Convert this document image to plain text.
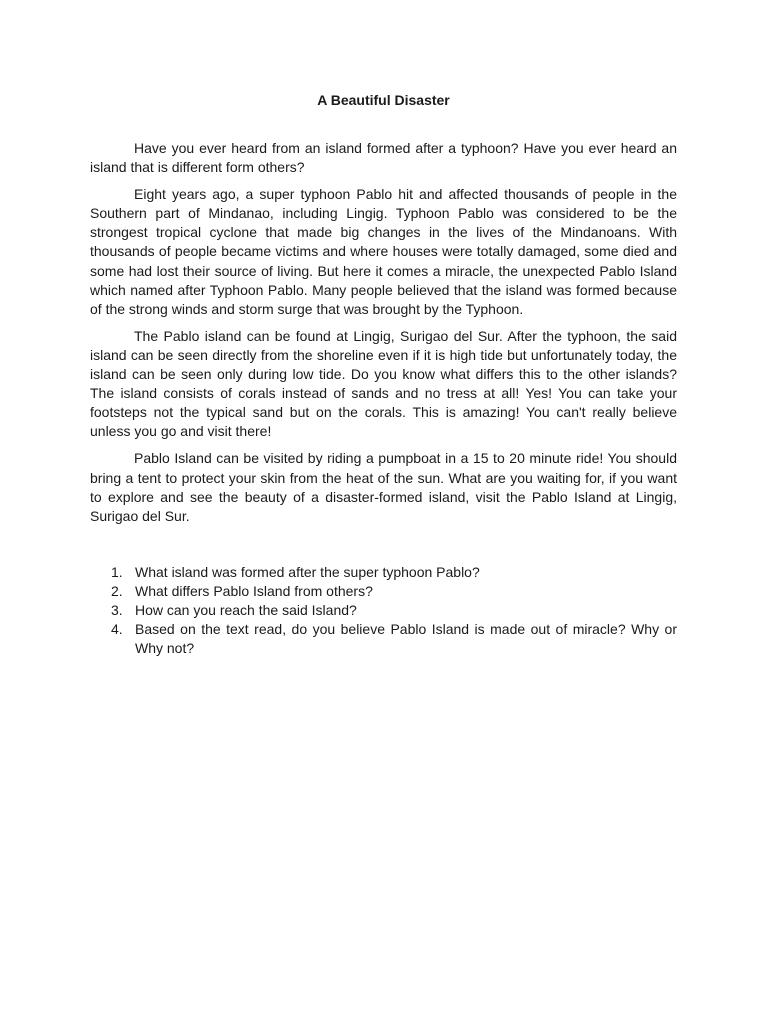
A Beautiful Disaster

Have you ever heard from an island formed after a typhoon? Have you ever heard an island that is different form others?

Eight years ago, a super typhoon Pablo hit and affected thousands of people in the Southern part of Mindanao, including Lingig. Typhoon Pablo was considered to be the strongest tropical cyclone that made big changes in the lives of the Mindanoans. With thousands of people became victims and where houses were totally damaged, some died and some had lost their source of living. But here it comes a miracle, the unexpected Pablo Island which named after Typhoon Pablo. Many people believed that the island was formed because of the strong winds and storm surge that was brought by the Typhoon.

The Pablo island can be found at Lingig, Surigao del Sur. After the typhoon, the said island can be seen directly from the shoreline even if it is high tide but unfortunately today, the island can be seen only during low tide. Do you know what differs this to the other islands? The island consists of corals instead of sands and no tress at all! Yes! You can take your footsteps not the typical sand but on the corals. This is amazing! You can't really believe unless you go and visit there!

Pablo Island can be visited by riding a pumpboat in a 15 to 20 minute ride! You should bring a tent to protect your skin from the heat of the sun. What are you waiting for, if you want to explore and see the beauty of a disaster-formed island, visit the Pablo Island at Lingig, Surigao del Sur.

1. What island was formed after the super typhoon Pablo?
2. What differs Pablo Island from others?
3. How can you reach the said Island?
4. Based on the text read, do you believe Pablo Island is made out of miracle? Why or Why not?
